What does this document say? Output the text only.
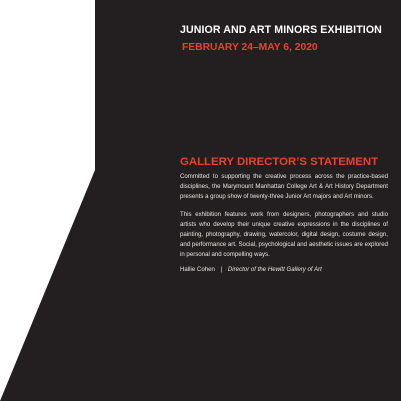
JUNIOR AND ART MINORS EXHIBITION
FEBRUARY 24–MAY 6, 2020
GALLERY DIRECTOR’S STATEMENT

Committed to supporting the creative process across the practice-based disciplines, the Marymount Manhattan College Art & Art History Department presents a group show of twenty-three Junior Art majors and Art minors.

This exhibition features work from designers, photographers and studio artists who develop their unique creative expressions in the disciplines of painting, photography, drawing, watercolor, digital design, costume design, and performance art. Social, psychological and aesthetic issues are explored in personal and compelling ways.

Hallie Cohen | Director of the Hewitt Gallery of Art
